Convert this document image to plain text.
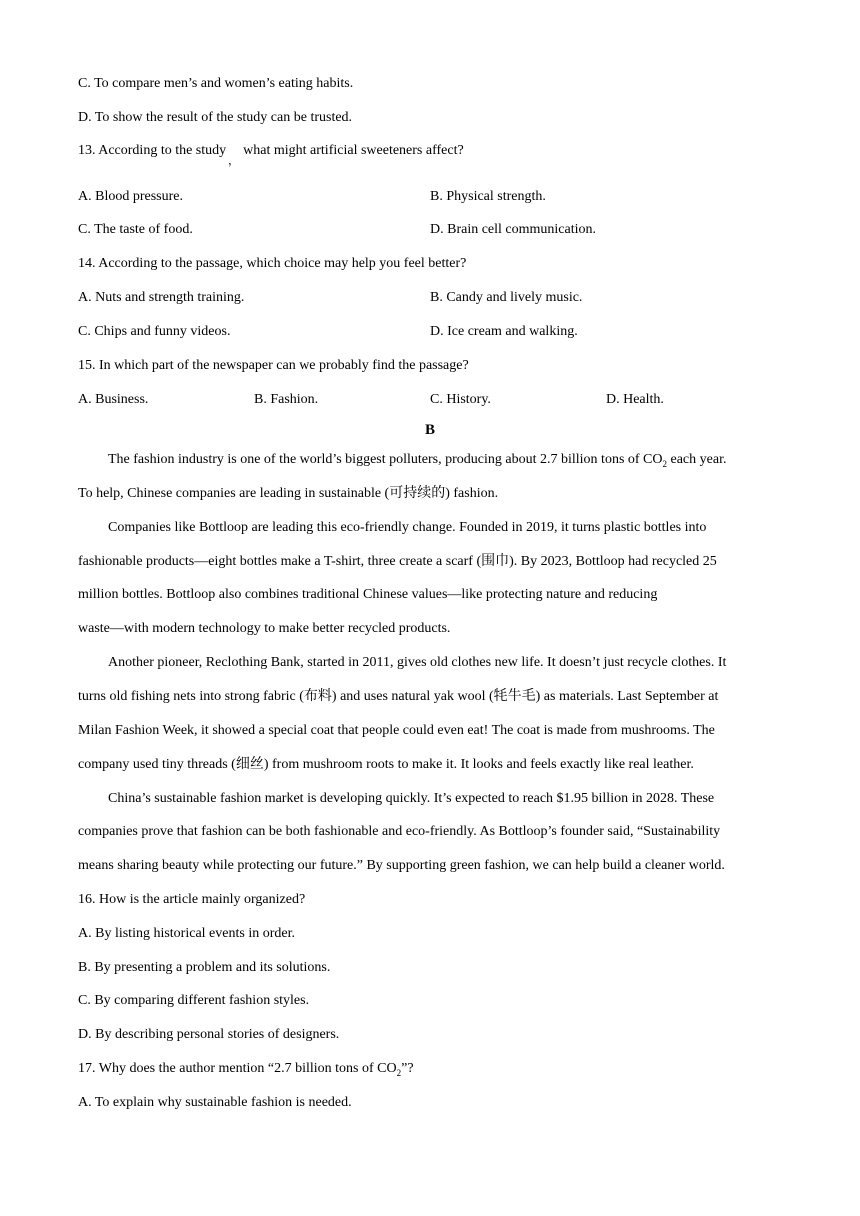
C. To compare men’s and women’s eating habits.
D. To show the result of the study can be trusted.
13. According to the study$_,$what might artificial sweeteners affect?
A. Blood pressure.	B. Physical strength.
C. The taste of food.	D. Brain cell communication.
14. According to the passage, which choice may help you feel better?
A. Nuts and strength training.	B. Candy and lively music.
C. Chips and funny videos.	D. Ice cream and walking.
15. In which part of the newspaper can we probably find the passage?
A. Business.	B. Fashion.	C. History.	D. Health.
B
The fashion industry is one of the world’s biggest polluters, producing about 2.7 billion tons of $CO_2$ each year.
To help, Chinese companies are leading in sustainable (可持续的) fashion.
Companies like Bottloop are leading this eco-friendly change. Founded in 2019, it turns plastic bottles into
fashionable products—eight bottles make a T-shirt, three create a scarf (围巾). By 2023, Bottloop had recycled 25
million bottles. Bottloop also combines traditional Chinese values—like protecting nature and reducing
waste—with modern technology to make better recycled products.
Another pioneer, Reclothing Bank, started in 2011, gives old clothes new life. It doesn’t just recycle clothes. It
turns old fishing nets into strong fabric (布料) and uses natural yak wool (牦牛毛) as materials. Last September at
Milan Fashion Week, it showed a special coat that people could even eat! The coat is made from mushrooms. The
company used tiny threads (细丝) from mushroom roots to make it. It looks and feels exactly like real leather.
China’s sustainable fashion market is developing quickly. It’s expected to reach $1.95 billion in 2028. These
companies prove that fashion can be both fashionable and eco-friendly. As Bottloop’s founder said, “Sustainability
means sharing beauty while protecting our future.” By supporting green fashion, we can help build a cleaner world.
16. How is the article mainly organized?
A. By listing historical events in order.
B. By presenting a problem and its solutions.
C. By comparing different fashion styles.
D. By describing personal stories of designers.
17. Why does the author mention “2.7 billion tons of $CO_2$”?
A. To explain why sustainable fashion is needed.
